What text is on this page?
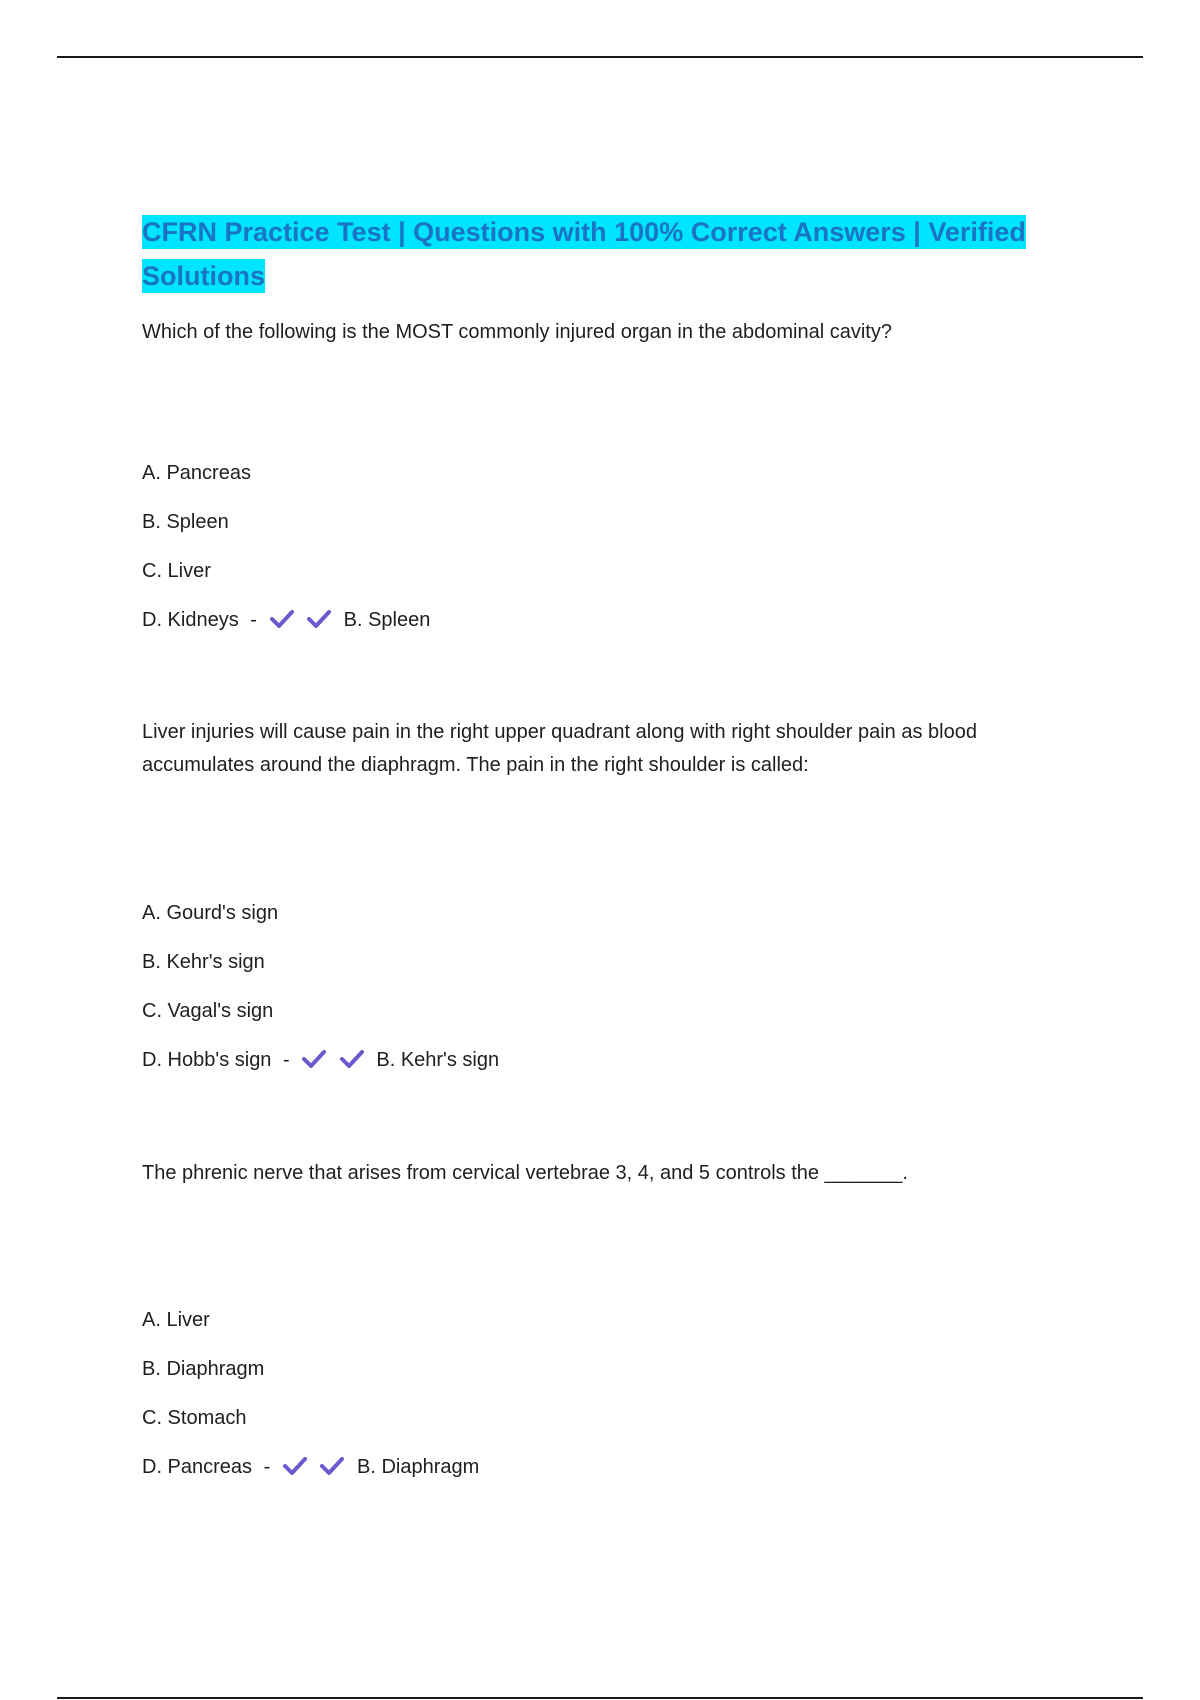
CFRN Practice Test | Questions with 100% Correct Answers | Verified Solutions

Which of the following is the MOST commonly injured organ in the abdominal cavity?

A. Pancreas
B. Spleen
C. Liver
D. Kidneys -
	B. Spleen

Liver injuries will cause pain in the right upper quadrant along with right shoulder pain as blood accumulates around the diaphragm. The pain in the right shoulder is called:

A. Gourd's sign
B. Kehr's sign
C. Vagal's sign
D. Hobb's sign -
	B. Kehr's sign

The phrenic nerve that arises from cervical vertebrae 3, 4, and 5 controls the _______.

A. Liver
B. Diaphragm
C. Stomach
D. Pancreas -
	B. Diaphragm
